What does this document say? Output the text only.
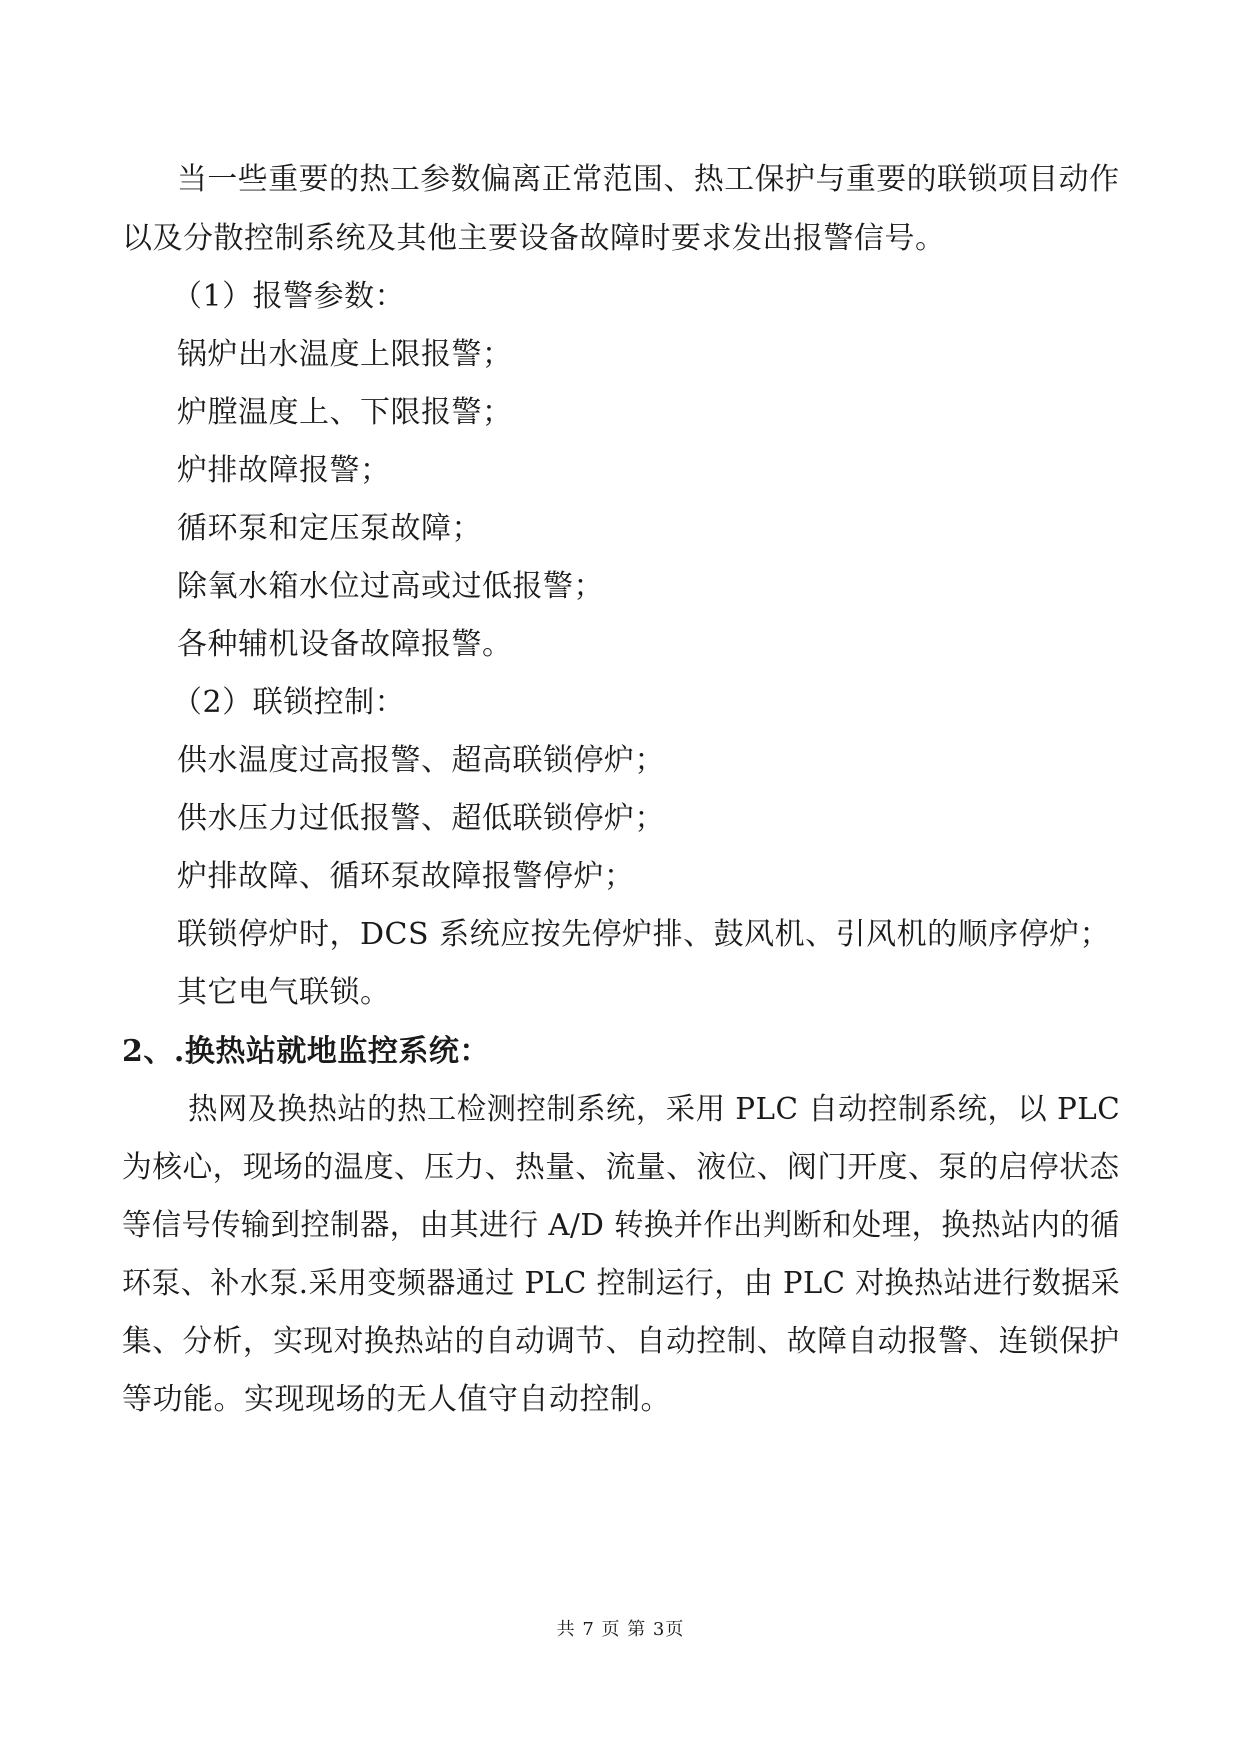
当一些重要的热工参数偏离正常范围、热工保护与重要的联锁项目动作
以及分散控制系统及其他主要设备故障时要求发出报警信号。
（1）报警参数：
锅炉出水温度上限报警；
炉膛温度上、下限报警；
炉排故障报警；
循环泵和定压泵故障；
除氧水箱水位过高或过低报警；
各种辅机设备故障报警。
（2）联锁控制：
供水温度过高报警、超高联锁停炉；
供水压力过低报警、超低联锁停炉；
炉排故障、循环泵故障报警停炉；
联锁停炉时，DCS 系统应按先停炉排、鼓风机、引风机的顺序停炉；
其它电气联锁。
2、.换热站就地监控系统：
热网及换热站的热工检测控制系统，采用 PLC 自动控制系统，以 PLC
为核心，现场的温度、压力、热量、流量、液位、阀门开度、泵的启停状态
等信号传输到控制器，由其进行 A/D 转换并作出判断和处理，换热站内的循
环泵、补水泵.采用变频器通过 PLC 控制运行，由 PLC 对换热站进行数据采
集、分析，实现对换热站的自动调节、自动控制、故障自动报警、连锁保护
等功能。实现现场的无人值守自动控制。
共 7 页 第 3页
